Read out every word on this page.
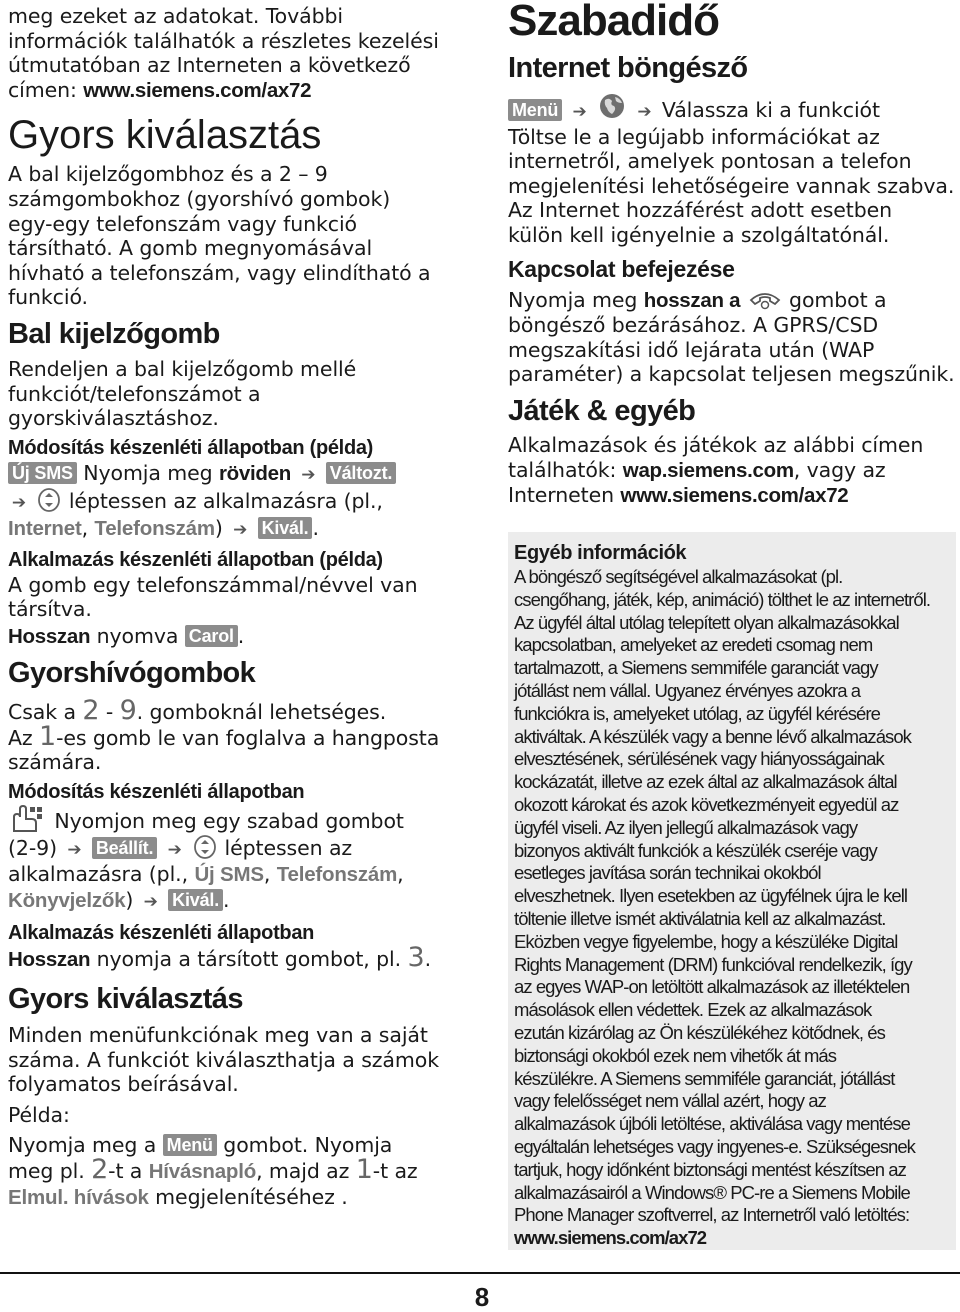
meg ezeket az adatokat. További
információk találhatók a részletes kezelési
útmutatóban az Interneten a következő
címen: www.siemens.com/ax72

Gyors kiválasztás

A bal kijelzőgombhoz és a 2 – 9
számgombokhoz (gyorshívó gombok)
egy-egy telefonszám vagy funkció
társítható. A gomb megnyomásával
hívható a telefonszám, vagy elindítható a
funkció.

Bal kijelzőgomb

Rendeljen a bal kijelzőgomb mellé
funkciót/telefonszámot a
gyorskiválasztáshoz.

Módosítás készenléti állapotban (példa)

Új SMS Nyomja meg röviden ➔ Változt.
➔  léptessen az alkalmazásra (pl.,
Internet, Telefonszám) ➔ Kivál. .

Alkalmazás készenléti állapotban (példa)

A gomb egy telefonszámmal/névvel van
társítva.
Hosszan nyomva Carol .

Gyorshívógombok

Csak a 2 - 9. gomboknál lehetséges.
Az 1-es gomb le van foglalva a hangposta
számára.

Módosítás készenléti állapotban

Nyomjon meg egy szabad gombot
(2-9) ➔ Beállít. ➔  léptessen az
alkalmazásra (pl., Új SMS, Telefonszám,
Könyvjelzők) ➔ Kivál. .

Alkalmazás készenléti állapotban

Hosszan nyomja a társított gombot, pl. 3.

Gyors kiválasztás

Minden menüfunkciónak meg van a saját
száma. A funkciót kiválaszthatja a számok
folyamatos beírásával.
Példa:
Nyomja meg a Menü gombot. Nyomja
meg pl. 2-t a Hívásnapló, majd az 1-t az
Elmul. hívások megjelenítéséhez .

Szabadidő
Internet böngésző

Menü ➔	➔ Válassza ki a funkciót

Töltse le a legújabb információkat az
internetről, amelyek pontosan a telefon
megjelenítési lehetőségeire vannak szabva.
Az Internet hozzáférést adott esetben
külön kell igényelnie a szolgáltatónál.

Kapcsolat befejezése

Nyomja meg hosszan a  gombot a
böngésző bezárásához. A GPRS/CSD
megszakítási idő lejárata után (WAP
paraméter) a kapcsolat teljesen megszűnik.

Játék & egyéb

Alkalmazások és játékok az alábbi címen
találhatók: wap.siemens.com, vagy az
Interneten www.siemens.com/ax72

Egyéb információk
A böngésző segítségével alkalmazásokat (pl.
csengőhang, játék, kép, animáció) tölthet le az internetről.
Az ügyfél által utólag telepített olyan alkalmazásokkal
kapcsolatban, amelyeket az eredeti csomag nem
tartalmazott, a Siemens semmiféle garanciát vagy
jótállást nem vállal. Ugyanez érvényes azokra a
funkciókra is, amelyeket utólag, az ügyfél kérésére
aktiváltak. A készülék vagy a benne lévő alkalmazások
elvesztésének, sérülésének vagy hiányosságainak
kockázatát, illetve az ezek által az alkalmazások által
okozott károkat és azok következményeit egyedül az
ügyfél viseli. Az ilyen jellegű alkalmazások vagy
bizonyos aktivált funkciók a készülék cseréje vagy
esetleges javítása során technikai okokból
elveszhetnek. Ilyen esetekben az ügyfélnek újra le kell
töltenie illetve ismét aktiválatnia kell az alkalmazást.
Eközben vegye figyelembe, hogy a készüléke Digital
Rights Management (DRM) funkcióval rendelkezik, így
az egyes WAP-on letöltött alkalmazások az illetéktelen
másolások ellen védettek. Ezek az alkalmazások
ezután kizárólag az Ön készülékéhez kötődnek, és
biztonsági okokból ezek nem vihetők át más
készülékre. A Siemens semmiféle garanciát, jótállást
vagy felelősséget nem vállal azért, hogy az
alkalmazások újbóli letöltése, aktiválása vagy mentése
egyáltalán lehetséges vagy ingyenes-e. Szükségesnek
tartjuk, hogy időnként biztonsági mentést készítsen az
alkalmazásairól a Windows® PC-re a Siemens Mobile
Phone Manager szoftverrel, az Internetről való letöltés:
www.siemens.com/ax72
8
